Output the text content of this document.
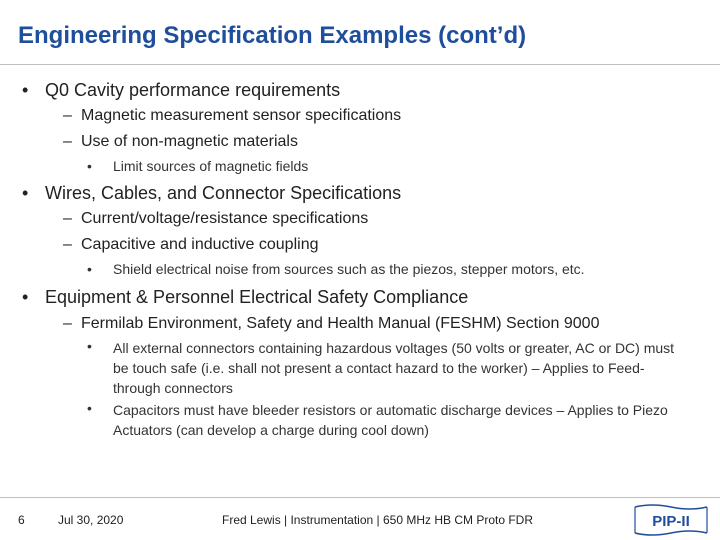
Engineering Specification Examples (cont’d)
• Q0 Cavity performance requirements
– Magnetic measurement sensor specifications
– Use of non-magnetic materials
• Limit sources of magnetic fields
• Wires, Cables, and Connector Specifications
– Current/voltage/resistance specifications
– Capacitive and inductive coupling
• Shield electrical noise from sources such as the piezos, stepper motors, etc.
• Equipment & Personnel Electrical Safety Compliance
– Fermilab Environment, Safety and Health Manual (FESHM) Section 9000
• All external connectors containing hazardous voltages (50 volts or greater, AC or DC) must be touch safe (i.e. shall not present a contact hazard to the worker) – Applies to Feed-through connectors
• Capacitors must have bleeder resistors or automatic discharge devices – Applies to Piezo Actuators (can develop a charge during cool down)
6	Jul 30, 2020	Fred Lewis | Instrumentation | 650 MHz HB CM Proto FDR	PIP-II
